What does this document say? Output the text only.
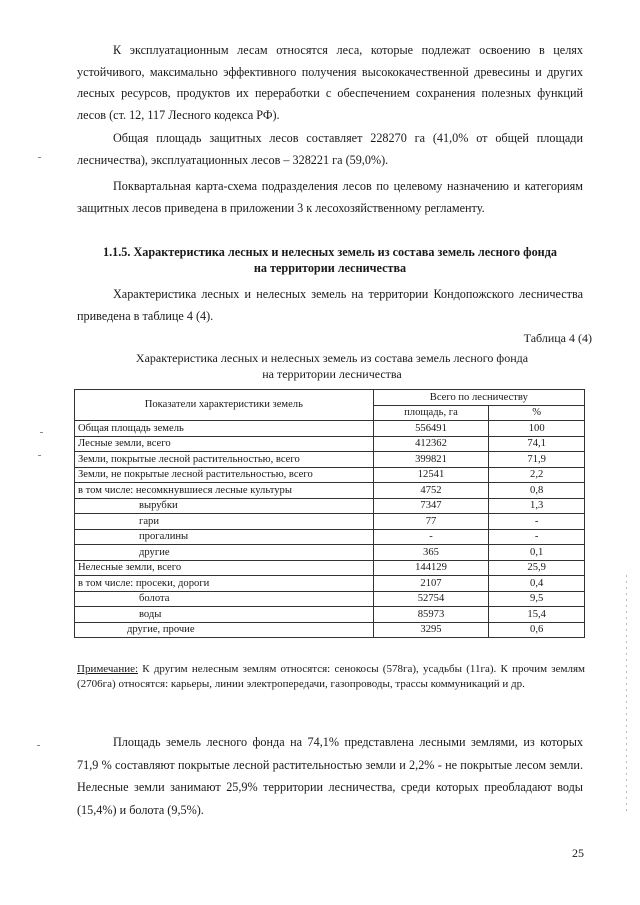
К эксплуатационным лесам относятся леса, которые подлежат освоению в целях устойчивого, максимально эффективного получения высококачественной древесины и других лесных ресурсов, продуктов их переработки с обеспечением сохранения полезных функций лесов (ст. 12, 117 Лесного кодекса РФ).

Общая площадь защитных лесов составляет 228270 га (41,0% от общей площади лесничества), эксплуатационных лесов – 328221 га (59,0%).

Поквартальная карта-схема подразделения лесов по целевому назначению и категориям защитных лесов приведена в приложении 3 к лесохозяйственному регламенту.

1.1.5. Характеристика лесных и нелесных земель из состава земель лесного фонда
на территории лесничества

Характеристика лесных и нелесных земель на территории Кондопожского лесничества приведена в таблице 4 (4).

Таблица 4 (4)

Характеристика лесных и нелесных земель из состава земель лесного фонда
на территории лесничества
Показатели характеристики земель	Всего по лесничеству	
	площадь, га	%
Общая площадь земель	556491	100
Лесные земли, всего	412362	74,1
Земли, покрытые лесной растительностью, всего	399821	71,9
Земли, не покрытые лесной растительностью, всего	12541	2,2
в том числе: несомкнувшиеся лесные культуры	4752	0,8
вырубки	7347	1,3
гари	77	-
прогалины	-	-
другие	365	0,1
Нелесные земли, всего	144129	25,9
в том числе: просеки, дороги	2107	0,4
болота	52754	9,5
воды	85973	15,4
другие, прочие	3295	0,6

Примечание: К другим нелесным землям относятся: сенокосы (578га), усадьбы (11га). К прочим землям (2706га) относятся: карьеры, линии электропередачи, газопроводы, трассы коммуникаций и др.

Площадь земель лесного фонда на 74,1% представлена лесными землями, из которых 71,9 % составляют покрытые лесной растительностью земли и 2,2% - не покрытые лесом земли. Нелесные земли занимают 25,9% территории лесничества, среди которых преобладают воды (15,4%) и болота (9,5%).

25
